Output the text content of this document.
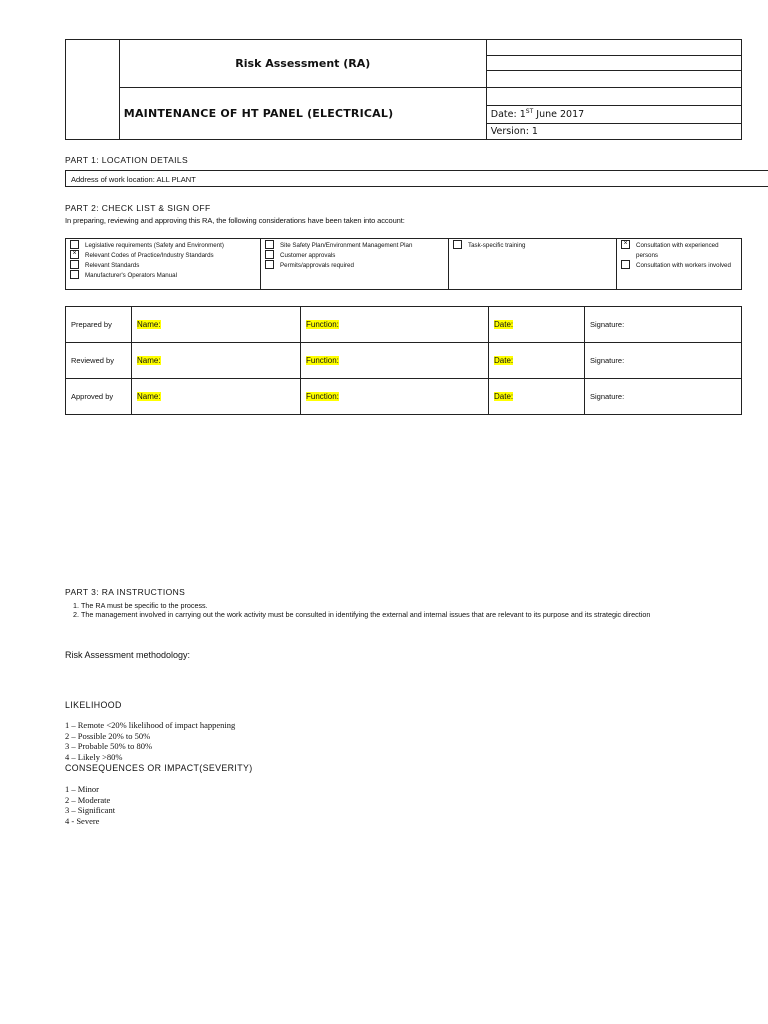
	Risk Assessment (RA)	

	MAINTENANCE OF HT PANEL (ELECTRICAL)	
		Date: 1ST June 2017
		Version: 1
PART 1: LOCATION DETAILS
Address of work location: ALL PLANT
PART 2: CHECK LIST & SIGN OFF
In preparing, reviewing and approving this RA, the following considerations have been taken into account:
Legislative requirements (Safety and Environment)
× Relevant Codes of Practice/Industry Standards
Relevant Standards
Manufacturer's Operators Manual

Site Safety Plan/Environment Management Plan
Customer approvals
Permits/approvals required

Task-specific training	×	Consultation with experienced persons
Consultation with workers involved
Prepared by	Name:	Function:	Date:	Signature:
Reviewed by	Name:	Function:	Date:	Signature:
Approved by	Name:	Function:	Date:	Signature:
PART 3: RA INSTRUCTIONS
1. The RA must be specific to the process.
2. The management involved in carrying out the work activity must be consulted in identifying the external and internal issues that are relevant to its purpose and its strategic direction
Risk Assessment methodology:
LIKELIHOOD
1 – Remote <20% likelihood of impact happening
2 – Possible 20% to 50%
3 – Probable 50% to 80%
4 – Likely >80%
CONSEQUENCES OR IMPACT(SEVERITY)
1 – Minor
2 – Moderate
3 – Significant
4 - Severe
